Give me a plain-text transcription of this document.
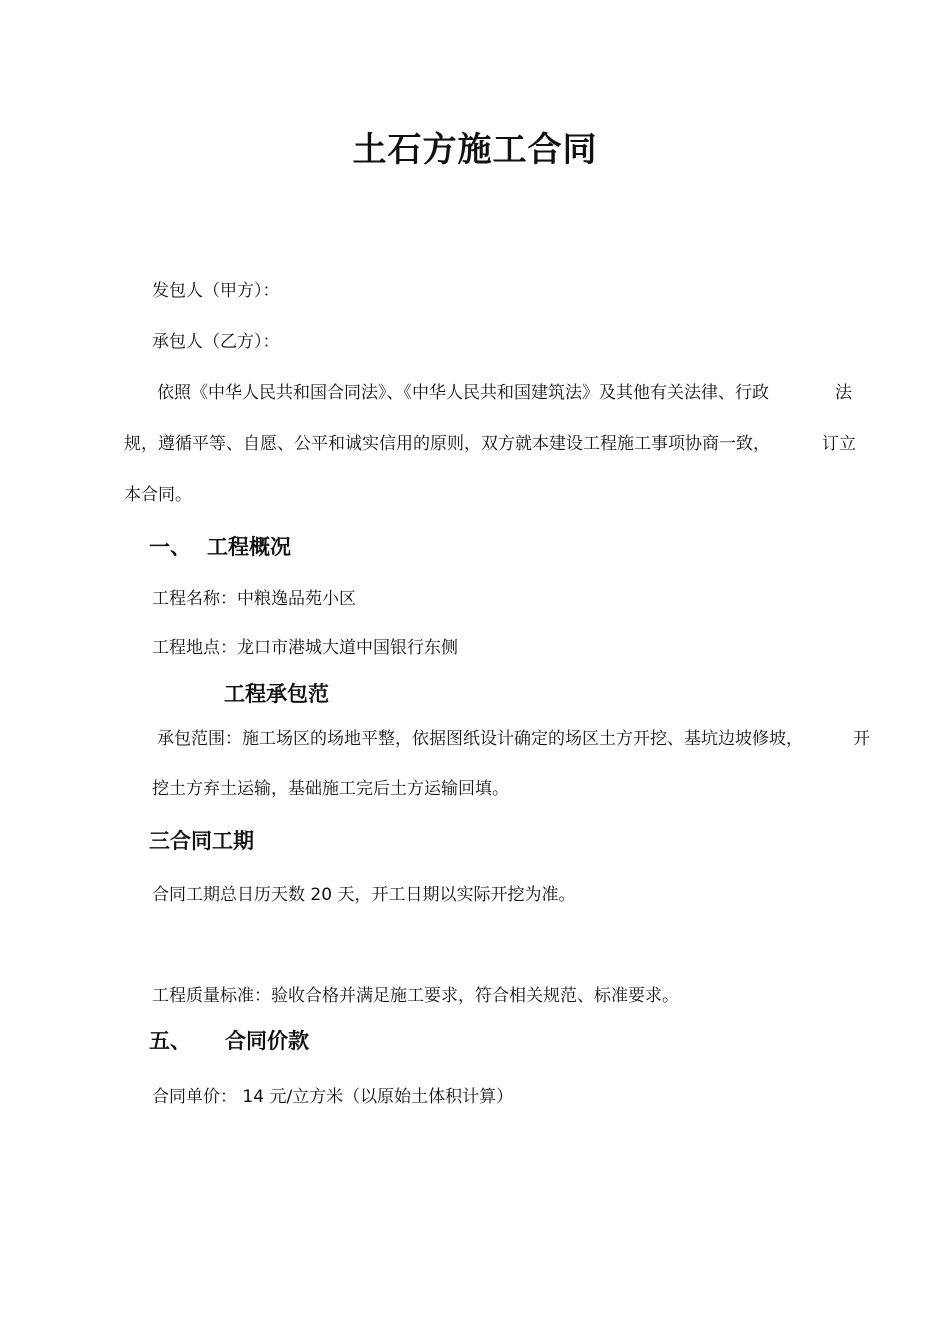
土石方施工合同
发包人（甲方）：
承包人（乙方）：
依照《中华人民共和国合同法》、《中华人民共和国建筑法》及其他有关法律、行政	法
规，遵循平等、自愿、公平和诚实信用的原则，双方就本建设工程施工事项协商一致，	订立
本合同。
一、 工程概况
工程名称：中粮逸品苑小区
工程地点：龙口市港城大道中国银行东侧
工程承包范
承包范围：施工场区的场地平整，依据图纸设计确定的场区土方开挖、基坑边坡修坡，	开
挖土方弃土运输，基础施工完后土方运输回填。
三合同工期
合同工期总日历天数 20 天，开工日期以实际开挖为准。
工程质量标准：验收合格并满足施工要求，符合相关规范、标准要求。
五、 合同价款
合同单价： 14 元/立方米（以原始土体积计算）
